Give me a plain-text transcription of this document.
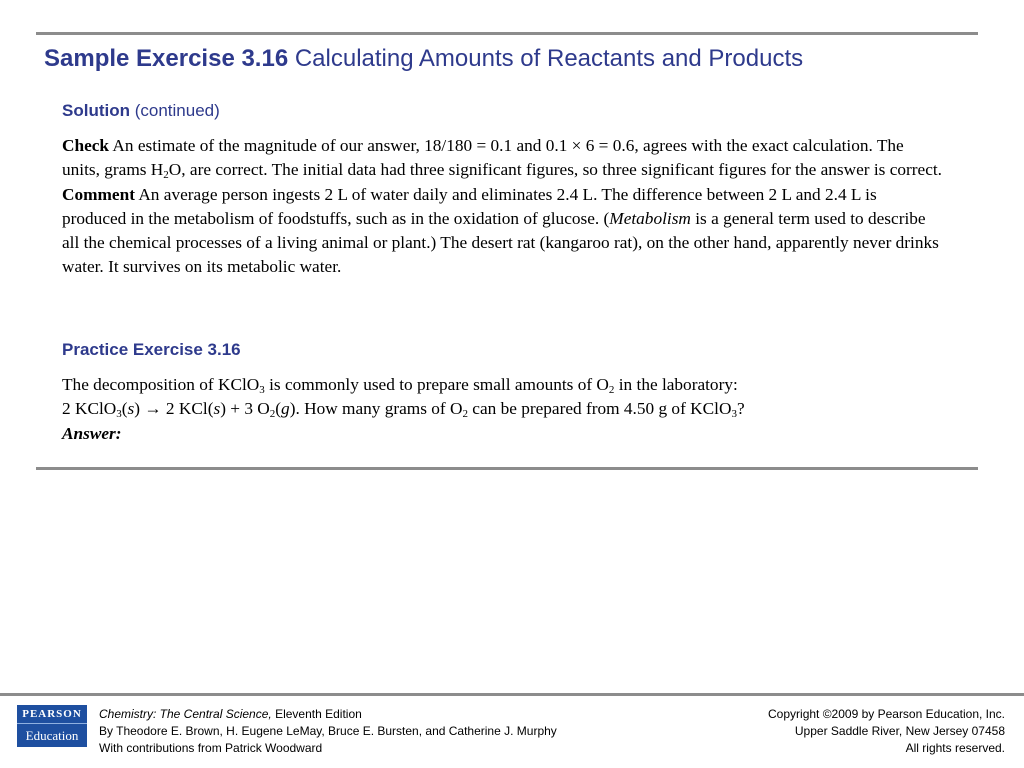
Sample Exercise 3.16 Calculating Amounts of Reactants and Products
Solution (continued)

Check An estimate of the magnitude of our answer, 18/180 = 0.1 and 0.1 × 6 = 0.6, agrees with the exact calculation. The units, grams $H_2O$, are correct. The initial data had three significant figures, so three significant figures for the answer is correct.

Comment An average person ingests 2 L of water daily and eliminates 2.4 L. The difference between 2 L and 2.4 L is produced in the metabolism of foodstuffs, such as in the oxidation of glucose. (Metabolism is a general term used to describe all the chemical processes of a living animal or plant.) The desert rat (kangaroo rat), on the other hand, apparently never drinks water. It survives on its metabolic water.

Practice Exercise 3.16

The decomposition of KClO$_3$ is commonly used to prepare small amounts of $O_2$ in the laboratory:

2 KClO$_3$(s) → 2 KCl(s) + 3 $O_2(g)$. How many grams of $O_2$ can be prepared from 4.50 g of KClO$_3$?

Answer:

PEARSON
Education
Chemistry: The Central Science, Eleventh Edition
By Theodore E. Brown, H. Eugene LeMay, Bruce E. Bursten, and Catherine J. Murphy
With contributions from Patrick Woodward
Copyright ©2009 by Pearson Education, Inc.
Upper Saddle River, New Jersey 07458
All rights reserved.
